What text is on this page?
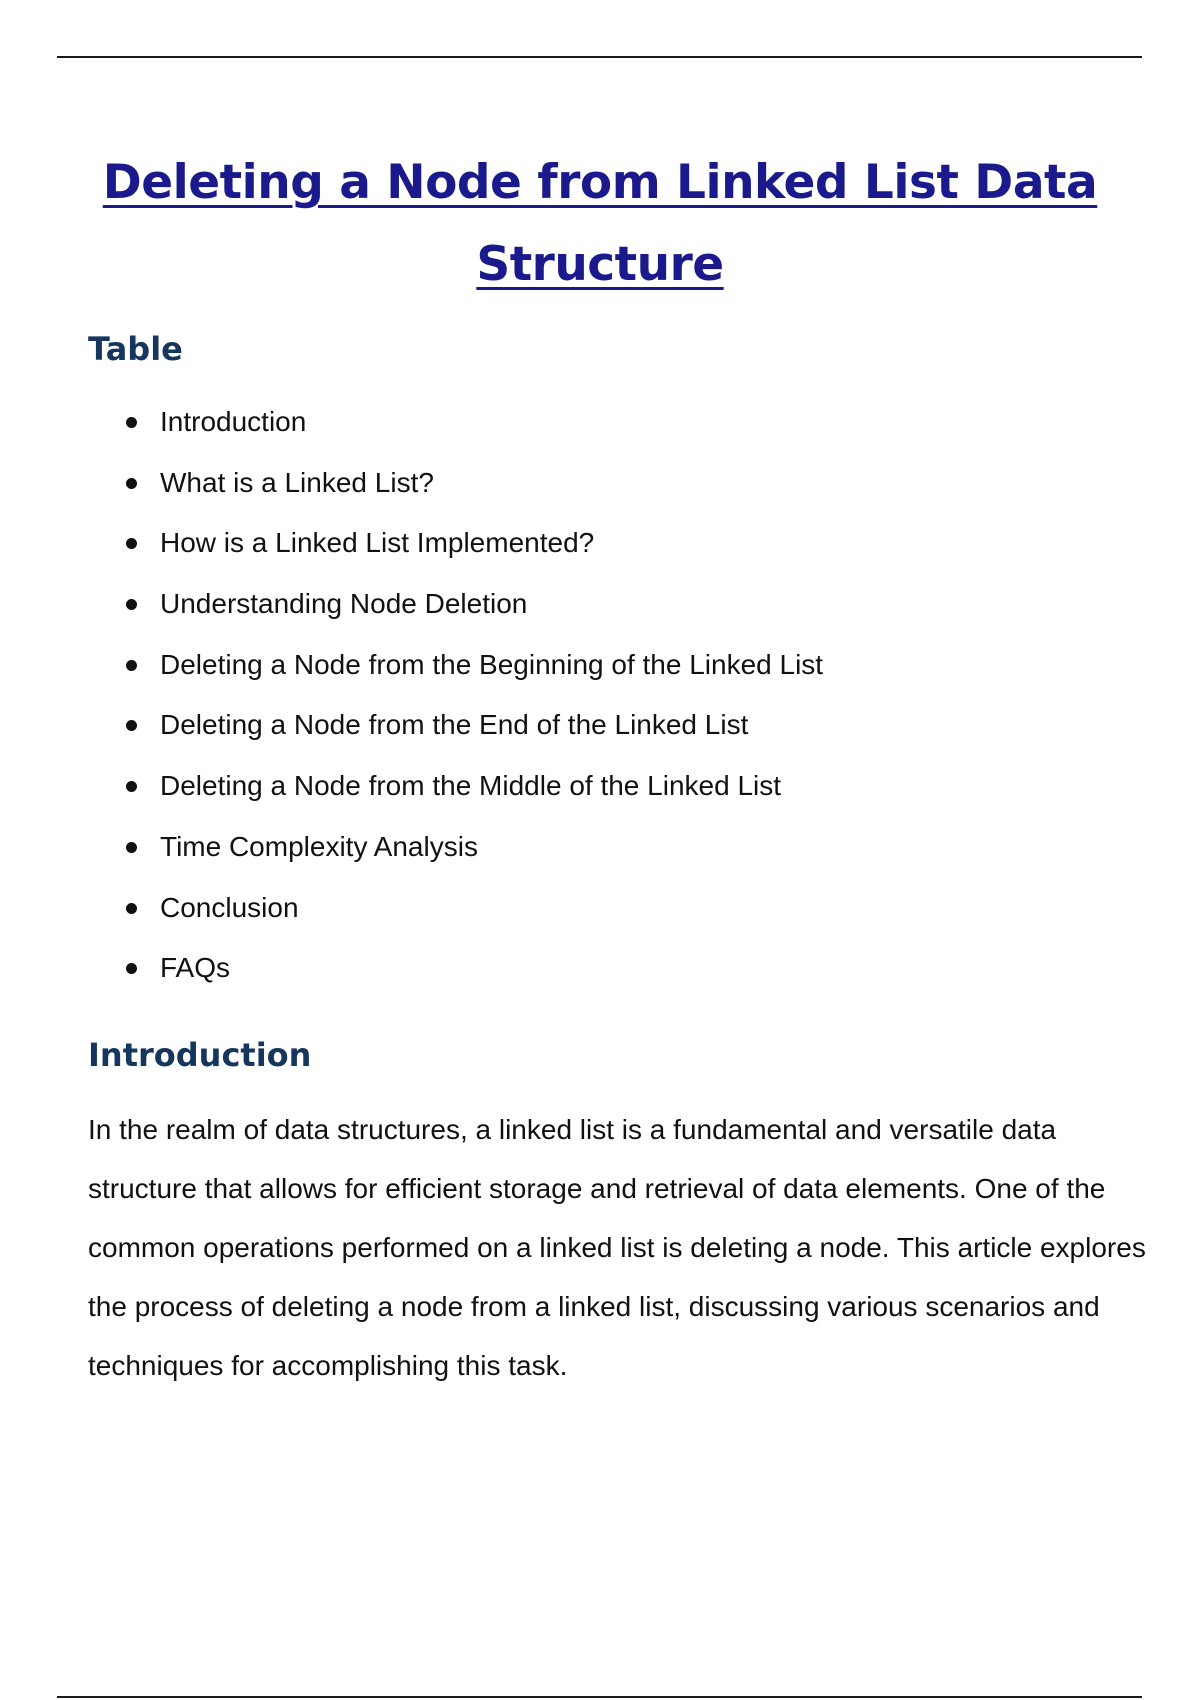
Deleting a Node from Linked List Data Structure
Table
Introduction
What is a Linked List?
How is a Linked List Implemented?
Understanding Node Deletion
Deleting a Node from the Beginning of the Linked List
Deleting a Node from the End of the Linked List
Deleting a Node from the Middle of the Linked List
Time Complexity Analysis
Conclusion
FAQs
Introduction

In the realm of data structures, a linked list is a fundamental and versatile data structure that allows for efficient storage and retrieval of data elements. One of the common operations performed on a linked list is deleting a node. This article explores the process of deleting a node from a linked list, discussing various scenarios and techniques for accomplishing this task.
